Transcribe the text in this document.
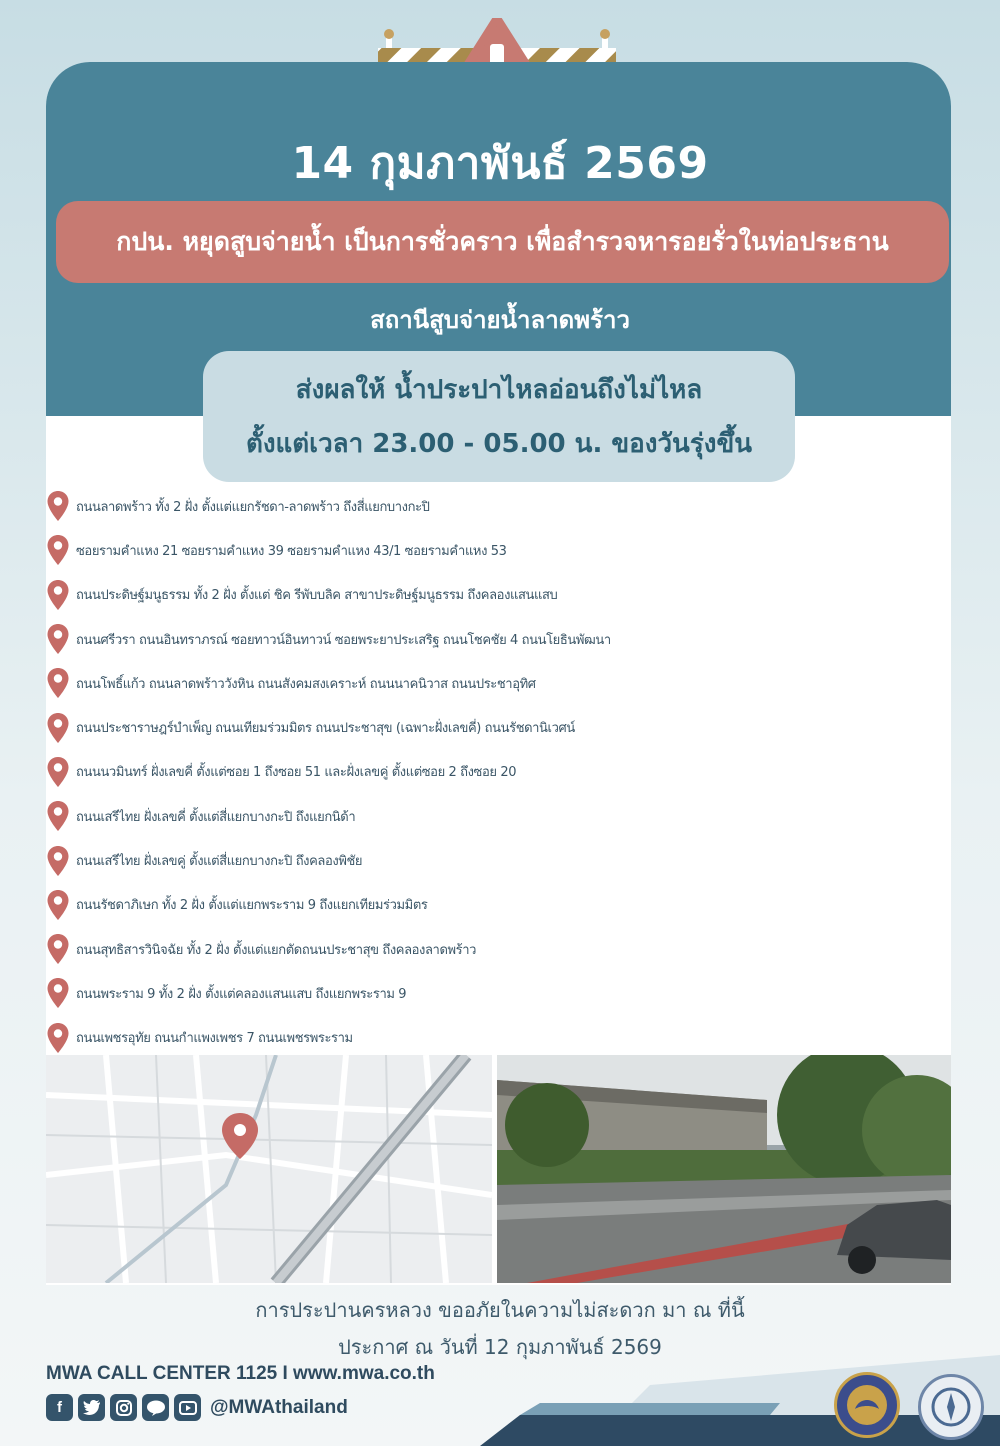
14 กุมภาพันธ์ 2569
กปน. หยุดสูบจ่ายน้ำ เป็นการชั่วคราว เพื่อสำรวจหารอยรั่วในท่อประธาน
สถานีสูบจ่ายน้ำลาดพร้าว
ส่งผลให้ น้ำประปาไหลอ่อนถึงไม่ไหล
ตั้งแต่เวลา 23.00 - 05.00 น. ของวันรุ่งขึ้น
ถนนลาดพร้าว ทั้ง 2 ฝั่ง ตั้งแต่แยกรัชดา-ลาดพร้าว ถึงสี่แยกบางกะปิ
ซอยรามคำแหง 21 ซอยรามคำแหง 39 ซอยรามคำแหง 43/1 ซอยรามคำแหง 53
ถนนประดิษฐ์มนูธรรม ทั้ง 2 ฝั่ง ตั้งแต่ ชิค รีพับบลิค สาขาประดิษฐ์มนูธรรม ถึงคลองแสนแสบ
ถนนศรีวรา ถนนอินทราภรณ์ ซอยทาวน์อินทาวน์ ซอยพระยาประเสริฐ ถนนโชคชัย 4 ถนนโยธินพัฒนา
ถนนโพธิ์แก้ว ถนนลาดพร้าววังหิน ถนนสังคมสงเคราะห์ ถนนนาคนิวาส ถนนประชาอุทิศ
ถนนประชาราษฎร์บำเพ็ญ ถนนเทียมร่วมมิตร ถนนประชาสุข (เฉพาะฝั่งเลขคี่) ถนนรัชดานิเวศน์
ถนนนวมินทร์ ฝั่งเลขคี่ ตั้งแต่ซอย 1 ถึงซอย 51 และฝั่งเลขคู่ ตั้งแต่ซอย 2 ถึงซอย 20
ถนนเสรีไทย ฝั่งเลขคี่ ตั้งแต่สี่แยกบางกะปิ ถึงแยกนิด้า
ถนนเสรีไทย ฝั่งเลขคู่ ตั้งแต่สี่แยกบางกะปิ ถึงคลองพิชัย
ถนนรัชดาภิเษก ทั้ง 2 ฝั่ง ตั้งแต่แยกพระราม 9 ถึงแยกเทียมร่วมมิตร
ถนนสุทธิสารวินิจฉัย ทั้ง 2 ฝั่ง ตั้งแต่แยกตัดถนนประชาสุข ถึงคลองลาดพร้าว
ถนนพระราม 9 ทั้ง 2 ฝั่ง ตั้งแต่คลองแสนแสบ ถึงแยกพระราม 9
ถนนเพชรอุทัย ถนนกำแพงเพชร 7 ถนนเพชรพระราม
การประปานครหลวง ขออภัยในความไม่สะดวก มา ณ ที่นี้
ประกาศ ณ วันที่ 12 กุมภาพันธ์ 2569
MWA CALL CENTER 1125 I www.mwa.co.th
f	@MWAthailand
